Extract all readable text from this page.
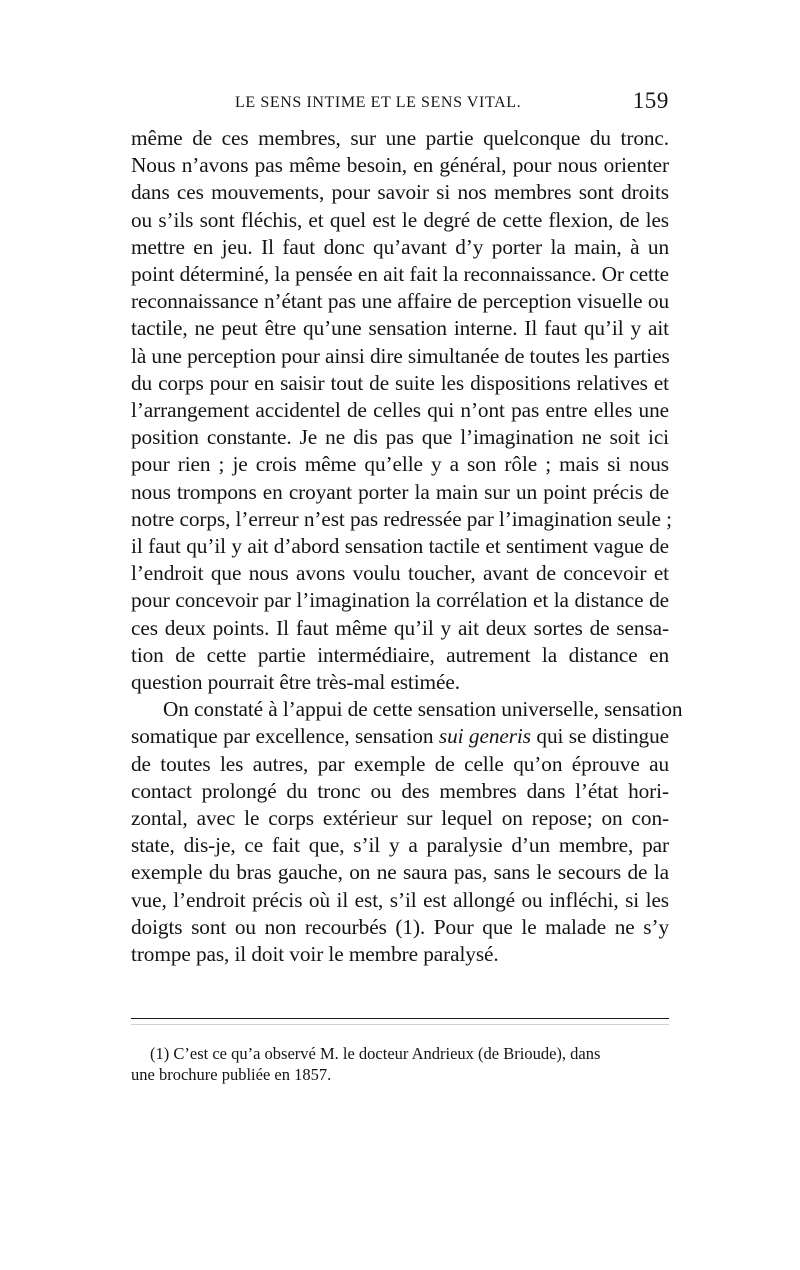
LE SENS INTIME ET LE SENS VITAL.	159
même de ces membres, sur une partie quelconque du tronc.
Nous n’avons pas même besoin, en général, pour nous orienter
dans ces mouvements, pour savoir si nos membres sont droits
ou s’ils sont fléchis, et quel est le degré de cette flexion, de les
mettre en jeu. Il faut donc qu’avant d’y porter la main, à un
point déterminé, la pensée en ait fait la reconnaissance. Or cette
reconnaissance n’étant pas une affaire de perception visuelle ou
tactile, ne peut être qu’une sensation interne. Il faut qu’il y ait
là une perception pour ainsi dire simultanée de toutes les parties
du corps pour en saisir tout de suite les dispositions relatives et
l’arrangement accidentel de celles qui n’ont pas entre elles une
position constante. Je ne dis pas que l’imagination ne soit ici
pour rien ; je crois même qu’elle y a son rôle ; mais si nous
nous trompons en croyant porter la main sur un point précis de
notre corps, l’erreur n’est pas redressée par l’imagination seule ;
il faut qu’il y ait d’abord sensation tactile et sentiment vague de
l’endroit que nous avons voulu toucher, avant de concevoir et
pour concevoir par l’imagination la corrélation et la distance de
ces deux points. Il faut même qu’il y ait deux sortes de sensa-
tion de cette partie intermédiaire, autrement la distance en
question pourrait être très-mal estimée.
On constaté à l’appui de cette sensation universelle, sensation
somatique par excellence, sensation sui generis qui se distingue
de toutes les autres, par exemple de celle qu’on éprouve au
contact prolongé du tronc ou des membres dans l’état hori-
zontal, avec le corps extérieur sur lequel on repose; on con-
state, dis-je, ce fait que, s’il y a paralysie d’un membre, par
exemple du bras gauche, on ne saura pas, sans le secours de la
vue, l’endroit précis où il est, s’il est allongé ou infléchi, si les
doigts sont ou non recourbés (1). Pour que le malade ne s’y
trompe pas, il doit voir le membre paralysé.
(1) C’est ce qu’a observé M. le docteur Andrieux (de Brioude), dans
une brochure publiée en 1857.
